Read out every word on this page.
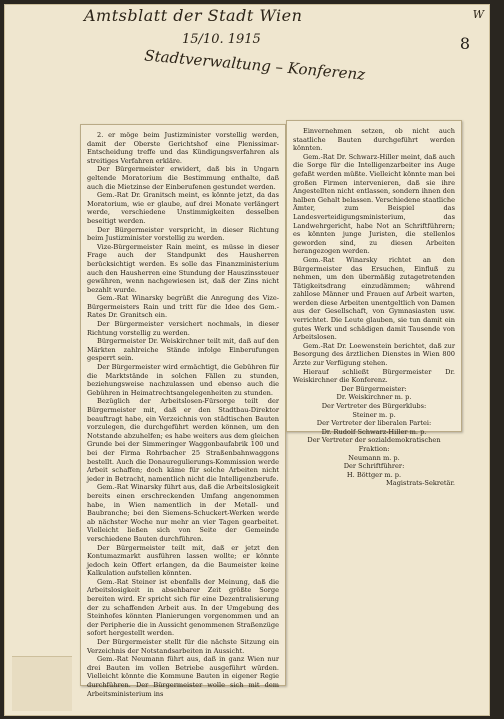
Amtsblatt der Stadt Wien	W
15/10. 1915
Stadtverwaltung – Konferenz
8

2. er möge beim Justizminister vorstellig werden, damit der Oberste Gerichtshof eine Plenissimar-Entscheidung treffe und das Kündigungsverfahren als streitiges Verfahren erkläre.

Der Bürgermeister erwidert, daß bis in Ungarn geltende Moratorium die Bestimmung enthalte, daß auch die Mietzinse der Einberufenen gestundet werden.

Gem.-Rat Dr. Granitsch meint, es könnte jetzt, da das Moratorium, wie er glaube, auf drei Monate verlängert werde, verschiedene Unstimmigkeiten desselben beseitigt werden.

Der Bürgermeister verspricht, in dieser Richtung beim Justizminister vorstellig zu werden.

Vize-Bürgermeister Rain meint, es müsse in dieser Frage auch der Standpunkt des Hausherren berücksichtigt werden. Es solle das Finanzministerium auch den Hausherren eine Stundung der Hauszinssteuer gewähren, wenn nachgewiesen ist, daß der Zins nicht bezahlt wurde.

Gem.-Rat Winarsky begrüßt die Anregung des Vize-Bürgermeisters Rain und tritt für die Idee des Gem.-Rates Dr. Granitsch ein.

Der Bürgermeister versichert nochmals, in dieser Richtung vorstellig zu werden.

Bürgermeister Dr. Weiskirchner teilt mit, daß auf den Märkten zahlreiche Stände infolge Einberufungen gesperrt sein.

Der Bürgermeister wird ermächtigt, die Gebühren für die Marktstände in solchen Fällen zu stunden, beziehungsweise nachzulassen und ebenso auch die Gebühren in Heimatrechtsangelegenheiten zu stunden.

Bezüglich der Arbeitslosen-Fürsorge teilt der Bürgermeister mit, daß er den Stadtbau-Direktor beauftragt habe, ein Verzeichnis von städtischen Bauten vorzulegen, die durchgeführt werden können, um den Notstande abzuhelfen; es habe weiters aus dem gleichen Grunde bei der Simmeringer Waggonbaufabrik 100 und bei der Firma Rohrbacher 25 Straßenbahnwaggons bestellt. Auch die Donauregulierungs-Kommission werde Arbeit schaffen; doch käme für solche Arbeiten nicht jeder in Betracht, namentlich nicht die Intelligenzberufe.

Gem.-Rat Winarsky führt aus, daß die Arbeitslosigkeit bereits einen erschreckenden Umfang angenommen habe, in Wien namentlich in der Metall- und Baubranche; bei den Siemens-Schuckert-Werken werde ab nächster Woche nur mehr an vier Tagen gearbeitet. Vielleicht ließen sich von Seite der Gemeinde verschiedene Bauten durchführen.

Der Bürgermeister teilt mit, daß er jetzt den Kontumazmarkt ausführen lassen wollte; er könnte jedoch kein Offert erlangen, da die Baumeister keine Kalkulation aufstellen könnten.

Gem.-Rat Steiner ist ebenfalls der Meinung, daß die Arbeitslosigkeit in absehbarer Zeit größte Sorge bereiten wird. Er spricht sich für eine Dezentralisierung der zu schaffenden Arbeit aus. In der Umgebung des Steinhofes könnten Planierungen vorgenommen und an der Peripherie die in Aussicht genommenen Straßenzüge sofort hergestellt werden.

Der Bürgermeister stellt für die nächste Sitzung ein Verzeichnis der Notstandsarbeiten in Aussicht.

Gem.-Rat Neumann führt aus, daß in ganz Wien nur drei Bauten im vollen Betriebe ausgeführt würden. Vielleicht könnte die Kommune Bauten in eigener Regie durchführen. Der Bürgermeister wolle sich mit dem Arbeitsministerium ins

Einvernehmen setzen, ob nicht auch staatliche Bauten durchgeführt werden könnten.

Gem.-Rat Dr. Schwarz-Hiller meint, daß auch die Sorge für die Intelligenzarbeiter ins Auge gefaßt werden müßte. Vielleicht könnte man bei großen Firmen intervenieren, daß sie ihre Angestellten nicht entlassen, sondern ihnen den halben Gehalt belassen. Verschiedene staatliche Ämter, zum Beispiel das Landesverteidigungsministerium, das Landwehrgericht, habe Not an Schriftführern; es könnten junge Juristen, die stellenlos geworden sind, zu diesen Arbeiten herangezogen werden.

Gem.-Rat Winarsky richtet an den Bürgermeister das Ersuchen, Einfluß zu nehmen, um den übermäßig zutagetretenden Tätigkeitsdrang einzudämmen; während zahllose Männer und Frauen auf Arbeit warten, werden diese Arbeiten unentgeltlich von Damen aus der Gesellschaft, von Gymnasiasten usw. verrichtet. Die Leute glauben, sie tun damit ein gutes Werk und schädigen damit Tausende von Arbeitslosen.

Gem.-Rat Dr. Loewenstein berichtet, daß zur Besorgung des ärztlichen Dienstes in Wien 800 Ärzte zur Verfügung stehen.

Hierauf schließt Bürgermeister Dr. Weiskirchner die Konferenz.

Der Bürgermeister:

Dr. Weiskirchner m. p.

Der Vertreter des Bürgerklubs:

Steiner m. p.

Der Vertreter der liberalen Partei:

Dr. Rudolf Schwarz-Hiller m. p.

Der Vertreter der sozialdemokratischen Fraktion:

Neumann m. p.

Der Schriftführer:

H. Böttger m. p.

Magistrats-Sekretär.
